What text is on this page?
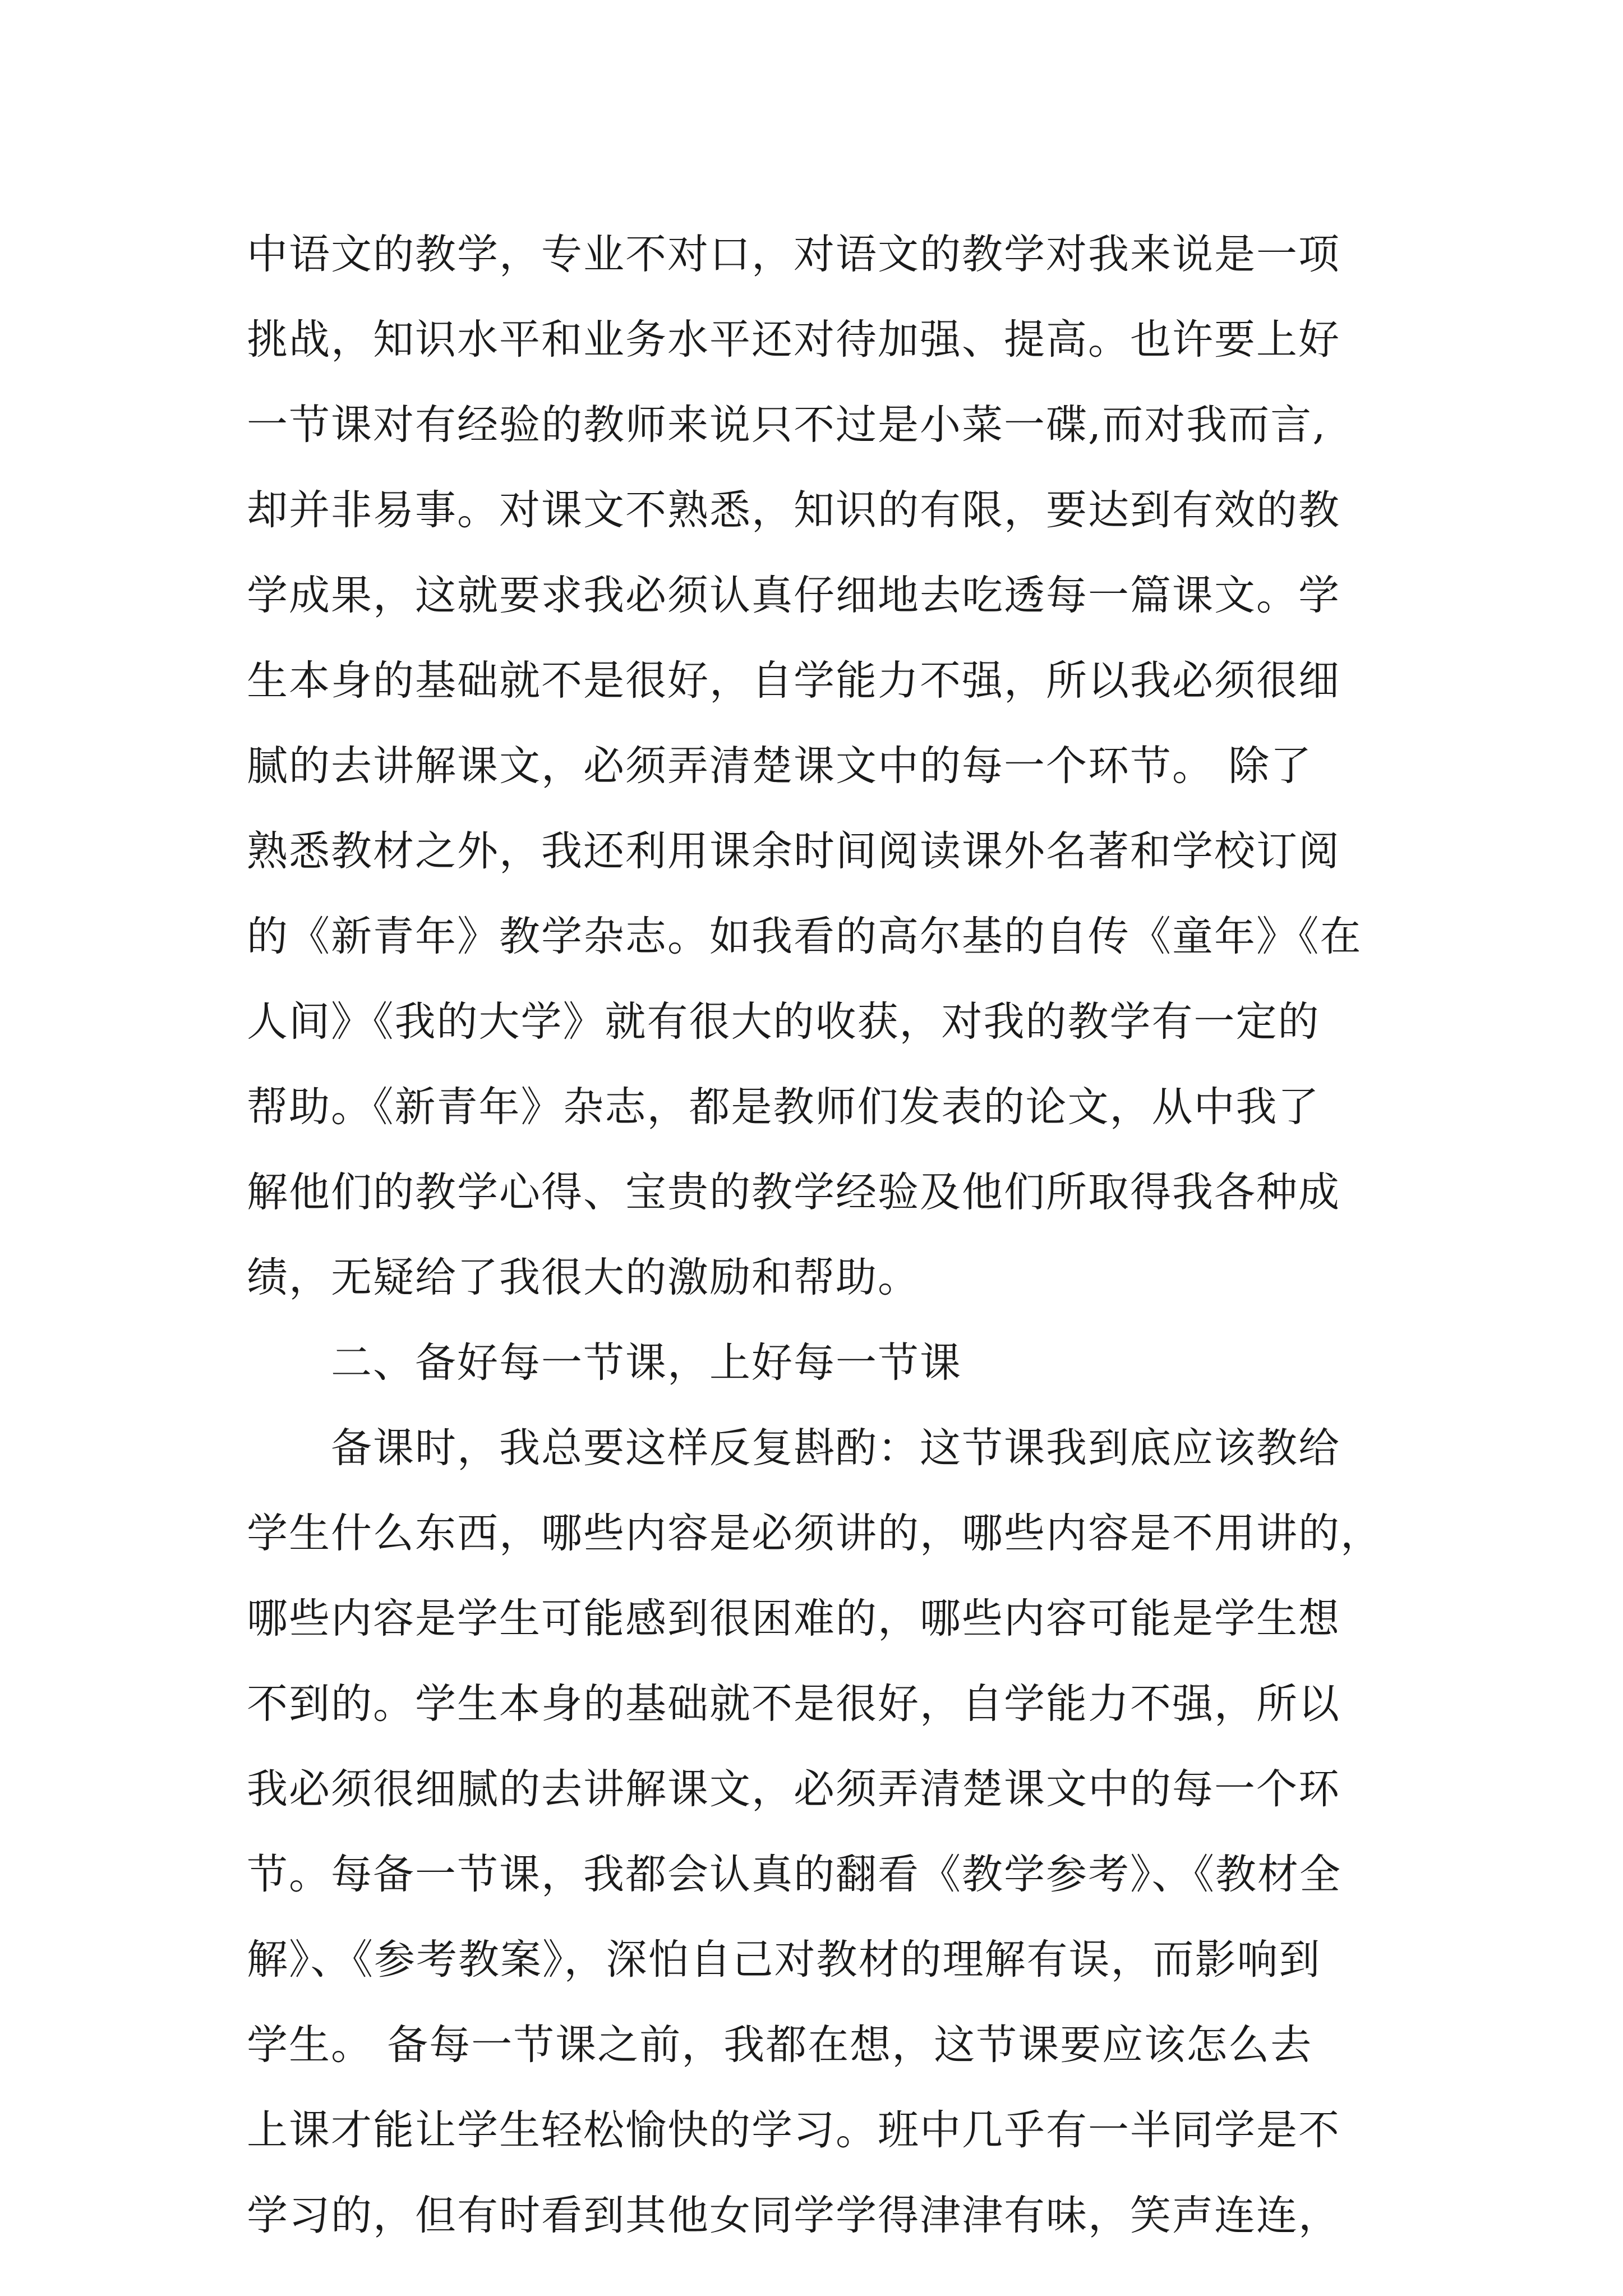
中语文的教学，专业不对口，对语文的教学对我来说是一项
挑战，知识水平和业务水平还对待加强、提高。也许要上好
一节课对有经验的教师来说只不过是小菜一碟,而对我而言,
却并非易事。对课文不熟悉，知识的有限，要达到有效的教
学成果，这就要求我必须认真仔细地去吃透每一篇课文。学
生本身的基础就不是很好，自学能力不强，所以我必须很细
腻的去讲解课文，必须弄清楚课文中的每一个环节。 除了
熟悉教材之外，我还利用课余时间阅读课外名著和学校订阅
的《新青年》教学杂志。如我看的高尔基的自传《童年》《在
人间》《我的大学》就有很大的收获，对我的教学有一定的
帮助。《新青年》杂志，都是教师们发表的论文，从中我了
解他们的教学心得、宝贵的教学经验及他们所取得我各种成
绩，无疑给了我很大的激励和帮助。
二、备好每一节课，上好每一节课
备课时，我总要这样反复斟酌：这节课我到底应该教给
学生什么东西，哪些内容是必须讲的，哪些内容是不用讲的，
哪些内容是学生可能感到很困难的，哪些内容可能是学生想
不到的。学生本身的基础就不是很好，自学能力不强，所以
我必须很细腻的去讲解课文，必须弄清楚课文中的每一个环
节。每备一节课，我都会认真的翻看《教学参考》、《教材全
解》、《参考教案》，深怕自己对教材的理解有误，而影响到
学生。 备每一节课之前，我都在想，这节课要应该怎么去
上课才能让学生轻松愉快的学习。班中几乎有一半同学是不
学习的，但有时看到其他女同学学得津津有味，笑声连连，
